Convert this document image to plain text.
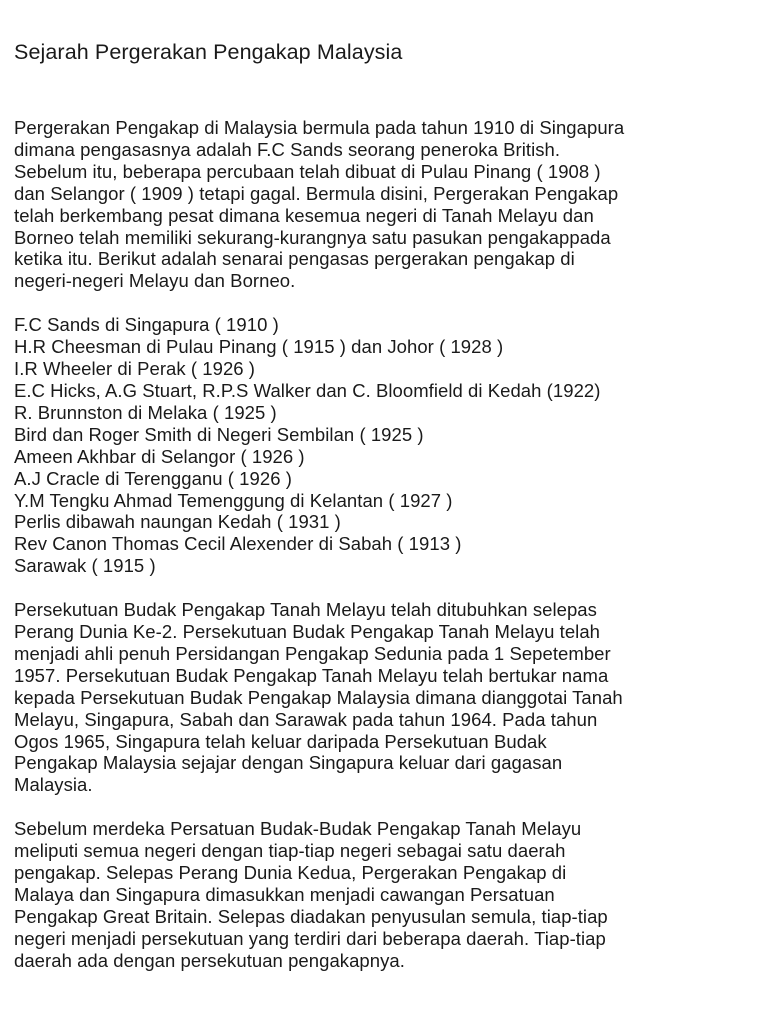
Sejarah Pergerakan Pengakap Malaysia

Pergerakan Pengakap di Malaysia bermula pada tahun 1910 di Singapura
dimana pengasasnya adalah F.C Sands seorang peneroka British.
Sebelum itu, beberapa percubaan telah dibuat di Pulau Pinang ( 1908 )
dan Selangor ( 1909 ) tetapi gagal. Bermula disini, Pergerakan Pengakap
telah berkembang pesat dimana kesemua negeri di Tanah Melayu dan
Borneo telah memiliki sekurang-kurangnya satu pasukan pengakappada
ketika itu. Berikut adalah senarai pengasas pergerakan pengakap di
negeri-negeri Melayu dan Borneo.

F.C Sands di Singapura ( 1910 )
H.R Cheesman di Pulau Pinang ( 1915 ) dan Johor ( 1928 )
I.R Wheeler di Perak ( 1926 )
E.C Hicks, A.G Stuart, R.P.S Walker dan C. Bloomfield di Kedah (1922)
R. Brunnston di Melaka ( 1925 )
Bird dan Roger Smith di Negeri Sembilan ( 1925 )
Ameen Akhbar di Selangor ( 1926 )
A.J Cracle di Terengganu ( 1926 )
Y.M Tengku Ahmad Temenggung di Kelantan ( 1927 )
Perlis dibawah naungan Kedah ( 1931 )
Rev Canon Thomas Cecil Alexender di Sabah ( 1913 )
Sarawak ( 1915 )

Persekutuan Budak Pengakap Tanah Melayu telah ditubuhkan selepas
Perang Dunia Ke-2. Persekutuan Budak Pengakap Tanah Melayu telah
menjadi ahli penuh Persidangan Pengakap Sedunia pada 1 Sepetember
1957. Persekutuan Budak Pengakap Tanah Melayu telah bertukar nama
kepada Persekutuan Budak Pengakap Malaysia dimana dianggotai Tanah
Melayu, Singapura, Sabah dan Sarawak pada tahun 1964. Pada tahun
Ogos 1965, Singapura telah keluar daripada Persekutuan Budak
Pengakap Malaysia sejajar dengan Singapura keluar dari gagasan
Malaysia.

Sebelum merdeka Persatuan Budak-Budak Pengakap Tanah Melayu
meliputi semua negeri dengan tiap-tiap negeri sebagai satu daerah
pengakap. Selepas Perang Dunia Kedua, Pergerakan Pengakap di
Malaya dan Singapura dimasukkan menjadi cawangan Persatuan
Pengakap Great Britain. Selepas diadakan penyusulan semula, tiap-tiap
negeri menjadi persekutuan yang terdiri dari beberapa daerah. Tiap-tiap
daerah ada dengan persekutuan pengakapnya.
